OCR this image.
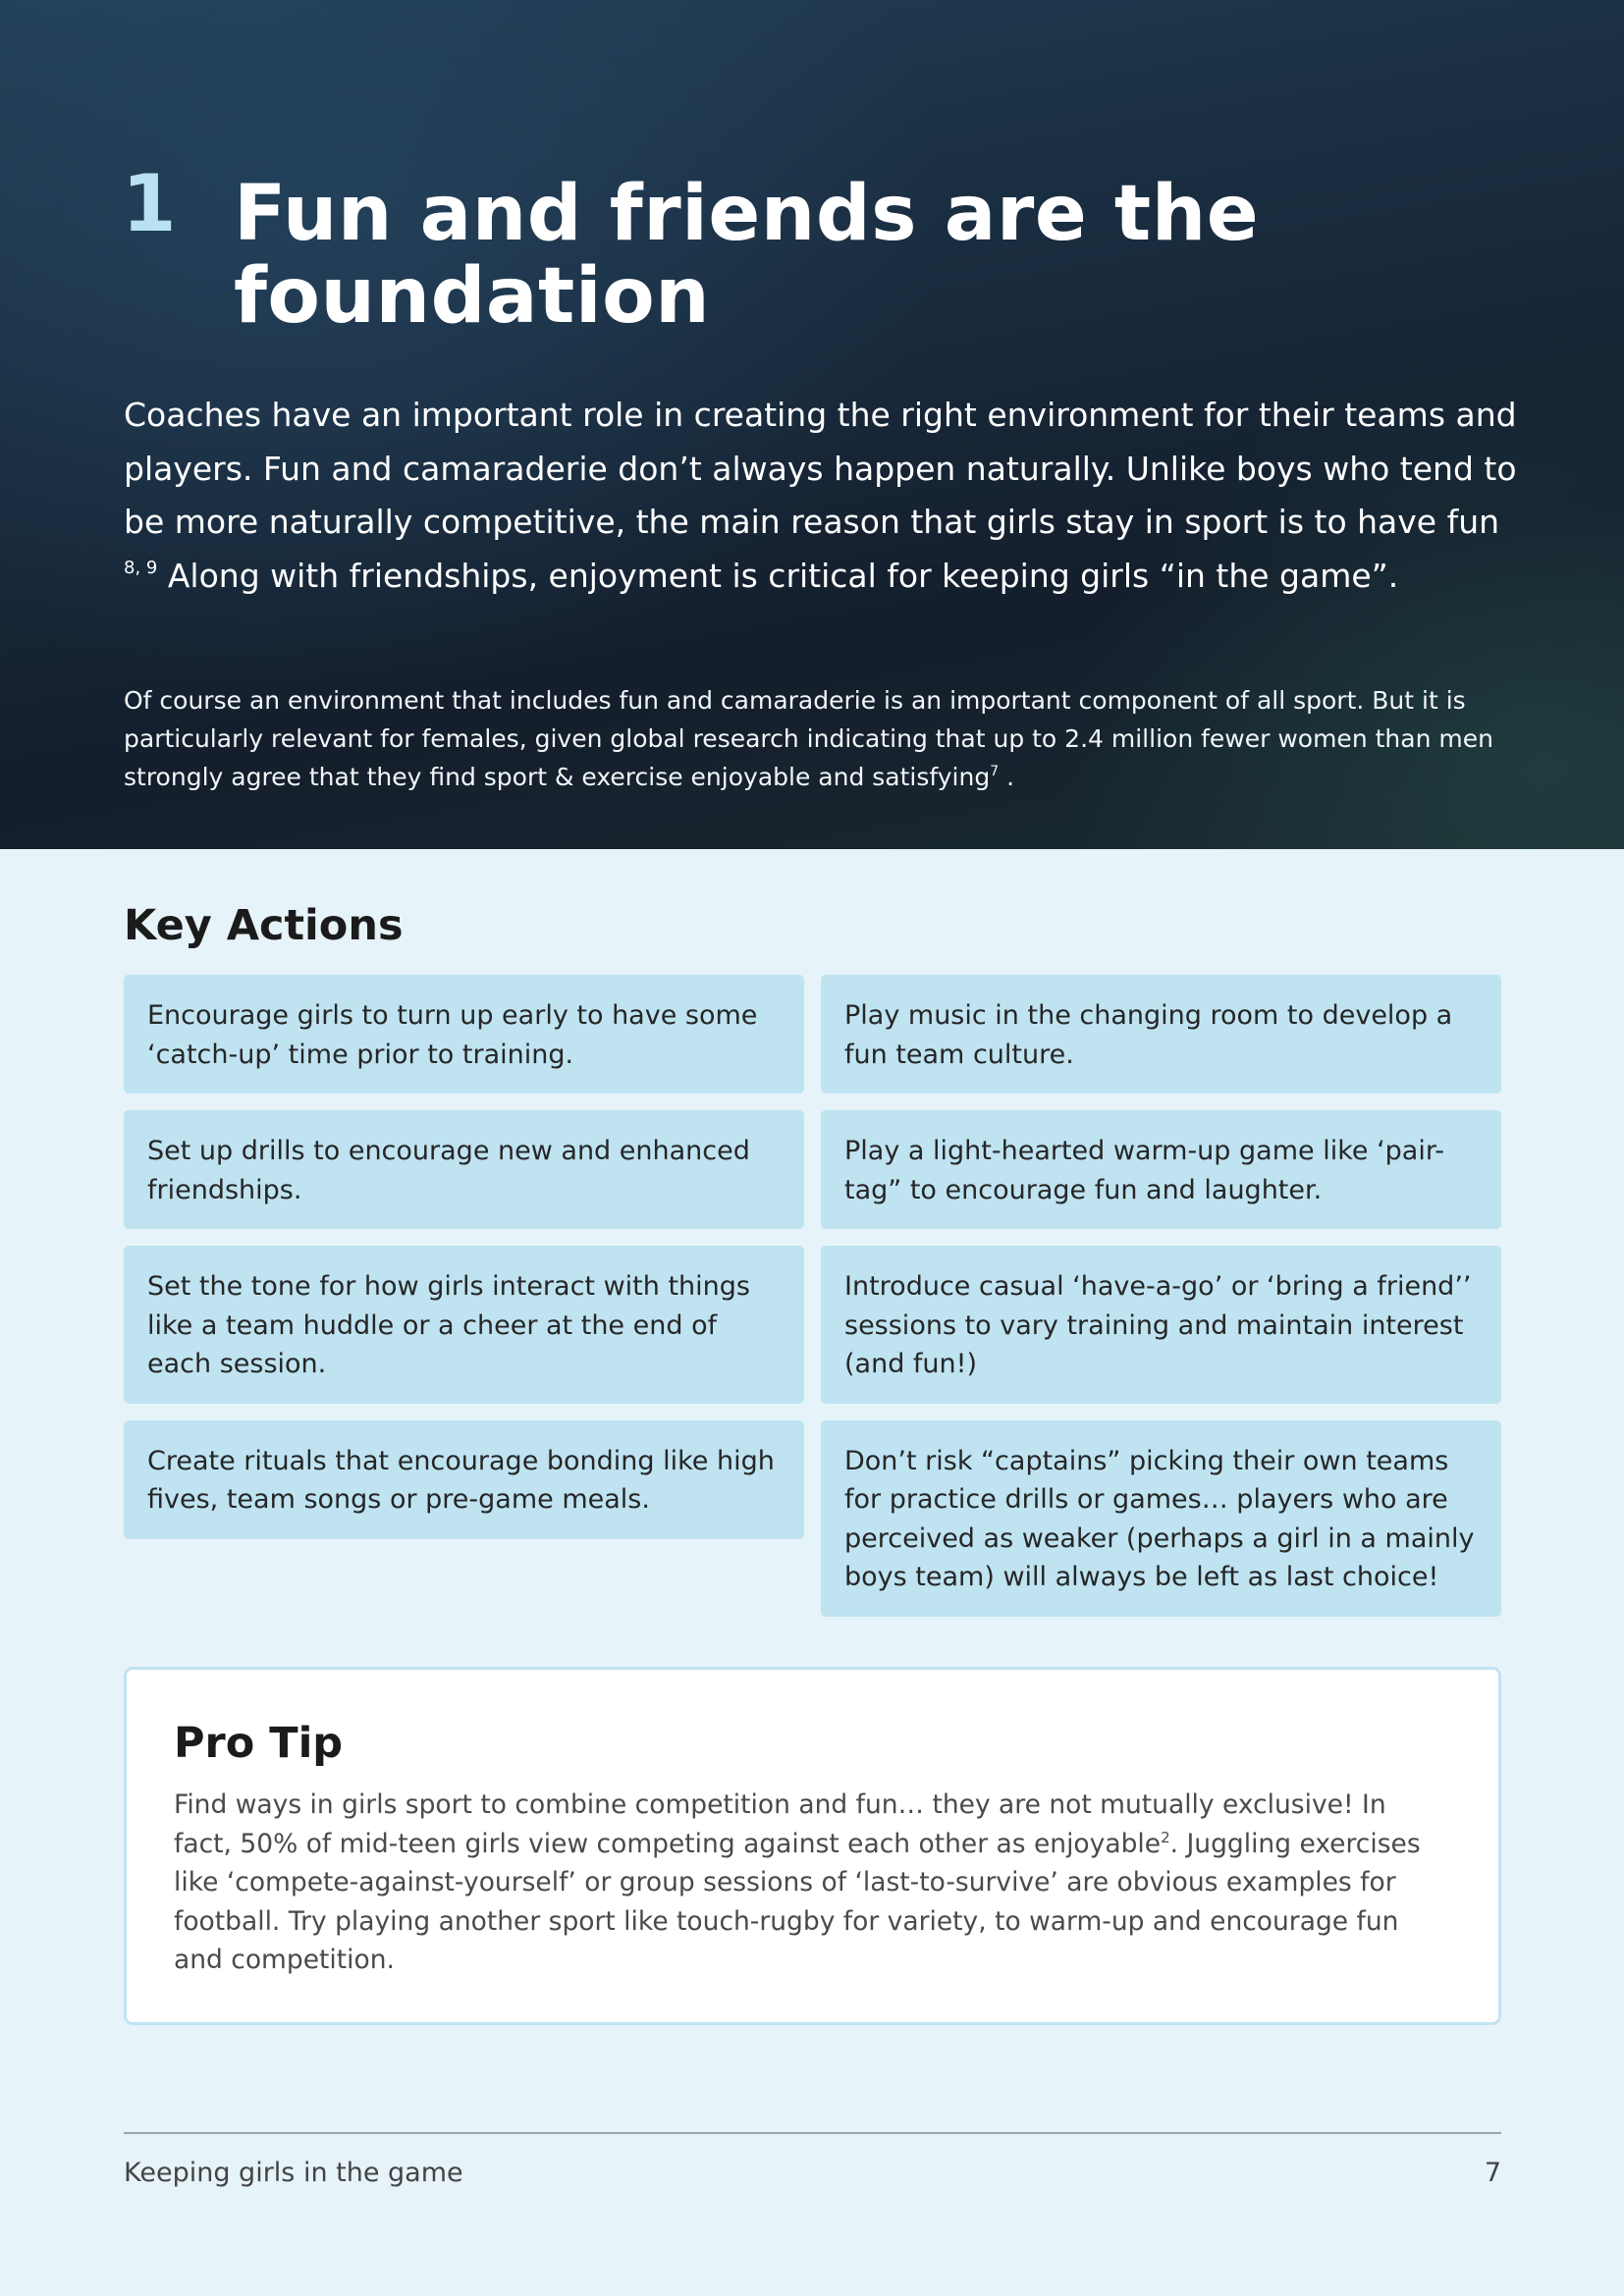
1 Fun and friends are the foundation

Coaches have an important role in creating the right environment for their teams and players. Fun and camaraderie don’t always happen naturally. Unlike boys who tend to be more naturally competitive, the main reason that girls stay in sport is to have fun $^{8, 9}$ Along with friendships, enjoyment is critical for keeping girls “in the game”.

Of course an environment that includes fun and camaraderie is an important component of all sport. But it is particularly relevant for females, given global research indicating that up to 2.4 million fewer women than men strongly agree that they find sport & exercise enjoyable and satisfying$^7$ .

Key Actions
Encourage girls to turn up early to have some ‘catch-up’ time prior to training.
Set up drills to encourage new and enhanced friendships.
Set the tone for how girls interact with things like a team huddle or a cheer at the end of each session.
Create rituals that encourage bonding like high fives, team songs or pre-game meals.
Play music in the changing room to develop a fun team culture.
Play a light-hearted warm-up game like ‘pair-tag” to encourage fun and laughter.
Introduce casual ‘have-a-go’ or ‘bring a friend’’ sessions to vary training and maintain interest (and fun!)
Don’t risk “captains” picking their own teams for practice drills or games… players who are perceived as weaker (perhaps a girl in a mainly boys team) will always be left as last choice!
Pro Tip

Find ways in girls sport to combine competition and fun… they are not mutually exclusive! In fact, 50% of mid-teen girls view competing against each other as enjoyable$^2$. Juggling exercises like ‘compete-against-yourself’ or group sessions of ‘last-to-survive’ are obvious examples for football. Try playing another sport like touch-rugby for variety, to warm-up and encourage fun and competition.

Keeping girls in the game	7
